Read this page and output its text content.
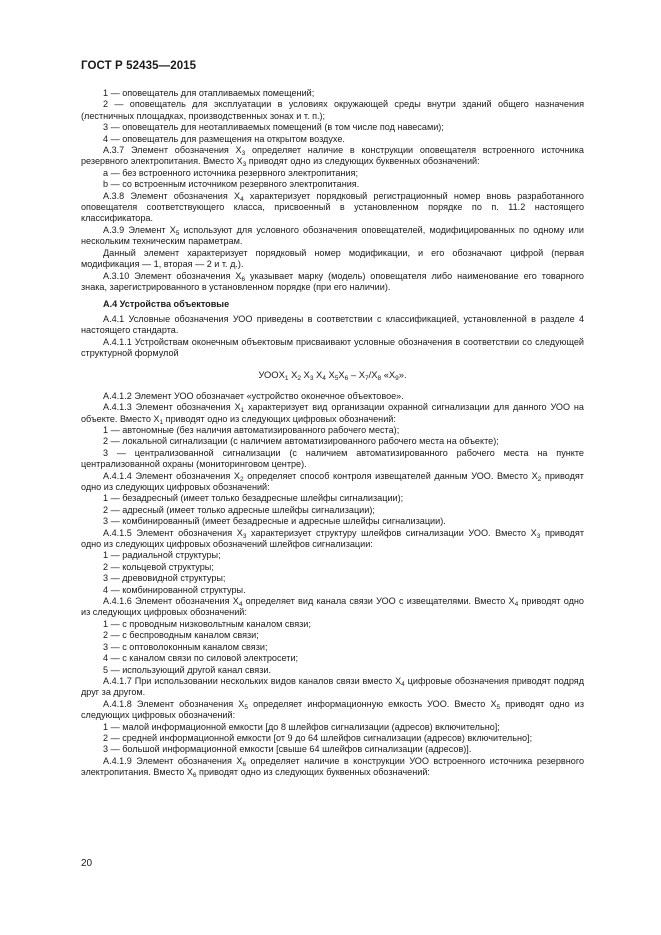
ГОСТ Р 52435—2015

1 — оповещатель для отапливаемых помещений;

2 — оповещатель для эксплуатации в условиях окружающей среды внутри зданий общего назначения (лестничных площадках, производственных зонах и т. п.);

3 — оповещатель для неотапливаемых помещений (в том числе под навесами);

4 — оповещатель для размещения на открытом воздухе.

А.3.7 Элемент обозначения $X_3$ определяет наличие в конструкции оповещателя встроенного источника резервного электропитания. Вместо $X_3$ приводят одно из следующих буквенных обозначений:

а — без встроенного источника резервного электропитания;

b — со встроенным источником резервного электропитания.

А.3.8 Элемент обозначения $X_4$ характеризует порядковый регистрационный номер вновь разработанного оповещателя соответствующего класса, присвоенный в установленном порядке по п. 11.2 настоящего классификатора.

А.3.9 Элемент $X_5$ используют для условного обозначения оповещателей, модифицированных по одному или нескольким техническим параметрам.

Данный элемент характеризует порядковый номер модификации, и его обозначают цифрой (первая модификация — 1, вторая — 2 и т. д.).

А.3.10 Элемент обозначения $X_6$ указывает марку (модель) оповещателя либо наименование его товарного знака, зарегистрированного в установленном порядке (при его наличии).

А.4 Устройства объектовые

А.4.1 Условные обозначения УОО приведены в соответствии с классификацией, установленной в разделе 4 настоящего стандарта.

А.4.1.1 Устройствам оконечным объектовым присваивают условные обозначения в соответствии со следующей структурной формулой

$УООX_1$ $X_2$ $X_3$ $X_4$ $X_5X_6 - X_7/X_8$ «$X_9$».

А.4.1.2 Элемент УОО обозначает «устройство оконечное объектовое».

А.4.1.3 Элемент обозначения $X_1$ характеризует вид организации охранной сигнализации для данного УОО на объекте. Вместо $X_1$ приводят одно из следующих цифровых обозначений:

1 — автономные (без наличия автоматизированного рабочего места);

2 — локальной сигнализации (с наличием автоматизированного рабочего места на объекте);

3 — централизованной сигнализации (с наличием автоматизированного рабочего места на пункте централизованной охраны (мониторинговом центре).

А.4.1.4 Элемент обозначения $X_2$ определяет способ контроля извещателей данным УОО. Вместо $X_2$ приводят одно из следующих цифровых обозначений:

1 — безадресный (имеет только безадресные шлейфы сигнализации);

2 — адресный (имеет только адресные шлейфы сигнализации);

3 — комбинированный (имеет безадресные и адресные шлейфы сигнализации).

А.4.1.5 Элемент обозначения $X_3$ характеризует структуру шлейфов сигнализации УОО. Вместо $X_3$ приводят одно из следующих цифровых обозначений шлейфов сигнализации:

1 — радиальной структуры;

2 — кольцевой структуры;

3 — древовидной структуры;

4 — комбинированной структуры.

А.4.1.6 Элемент обозначения $X_4$ определяет вид канала связи УОО с извещателями. Вместо $X_4$ приводят одно из следующих цифровых обозначений:

1 — с проводным низковольтным каналом связи;

2 — с беспроводным каналом связи;

3 — с оптоволоконным каналом связи;

4 — с каналом связи по силовой электросети;

5 — использующий другой канал связи.

А.4.1.7 При использовании нескольких видов каналов связи вместо $X_4$ цифровые обозначения приводят подряд друг за другом.

А.4.1.8 Элемент обозначения $X_5$ определяет информационную емкость УОО. Вместо $X_5$ приводят одно из следующих цифровых обозначений:

1 — малой информационной емкости [до 8 шлейфов сигнализации (адресов) включительно];

2 — средней информационной емкости [от 9 до 64 шлейфов сигнализации (адресов) включительно];

3 — большой информационной емкости [свыше 64 шлейфов сигнализации (адресов)].

А.4.1.9 Элемент обозначения $X_6$ определяет наличие в конструкции УОО встроенного источника резервного электропитания. Вместо $X_6$ приводят одно из следующих буквенных обозначений:

20
